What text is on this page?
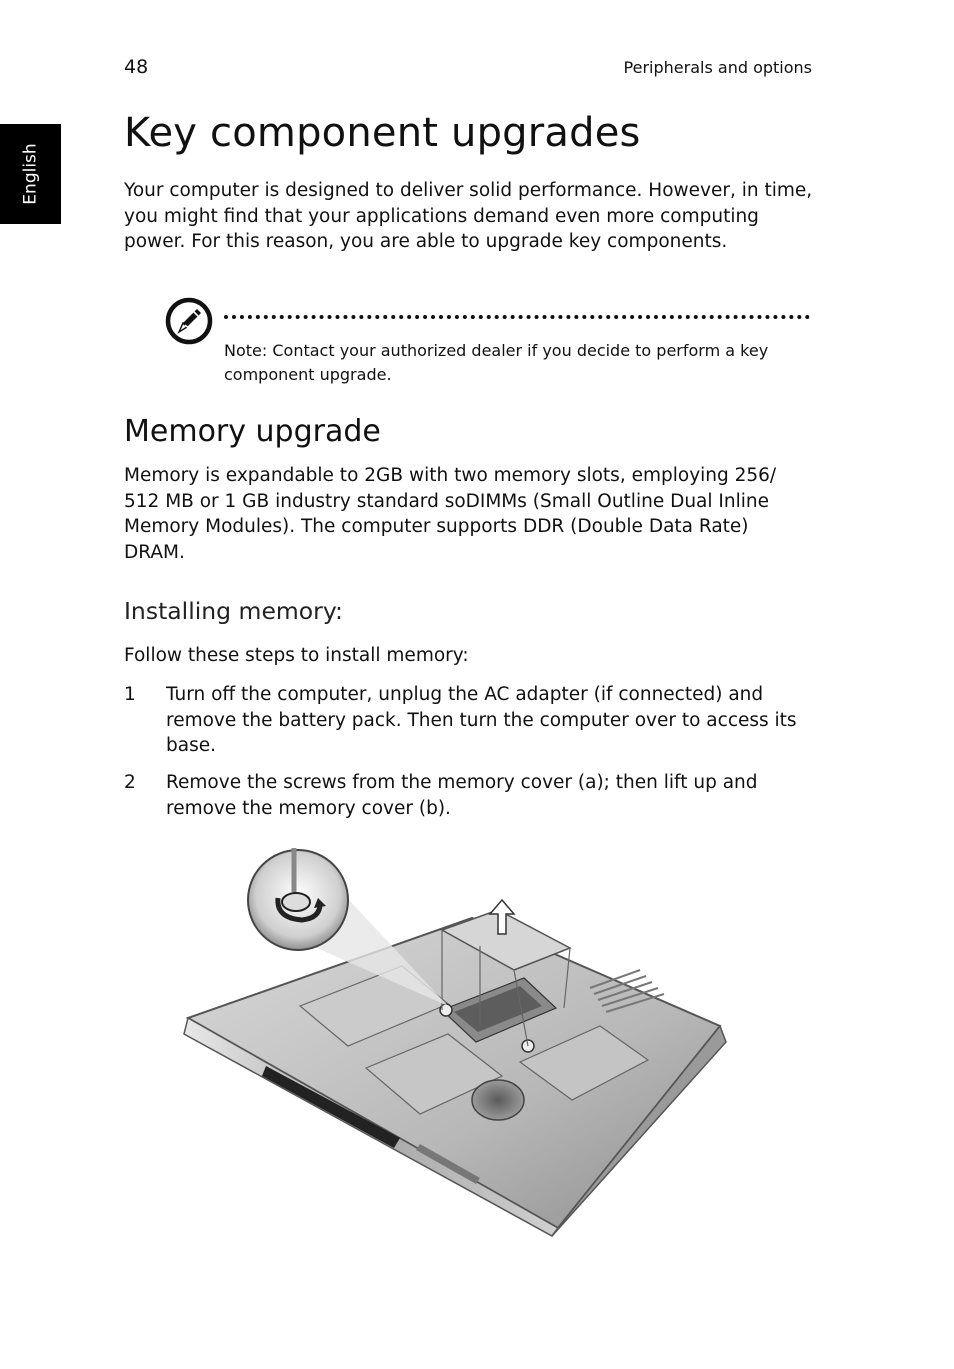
48	Peripherals and options
English
Key component upgrades

Your computer is designed to deliver solid performance. However, in time, you might find that your applications demand even more computing power. For this reason, you are able to upgrade key components.

Note: Contact your authorized dealer if you decide to perform a key component upgrade.

Memory upgrade

Memory is expandable to 2GB with two memory slots, employing 256/ 512 MB or 1 GB industry standard soDIMMs (Small Outline Dual Inline Memory Modules). The computer supports DDR (Double Data Rate) DRAM.

Installing memory:

Follow these steps to install memory:

1 Turn off the computer, unplug the AC adapter (if connected) and remove the battery pack. Then turn the computer over to access its base.
2 Remove the screws from the memory cover (a); then lift up and remove the memory cover (b).
